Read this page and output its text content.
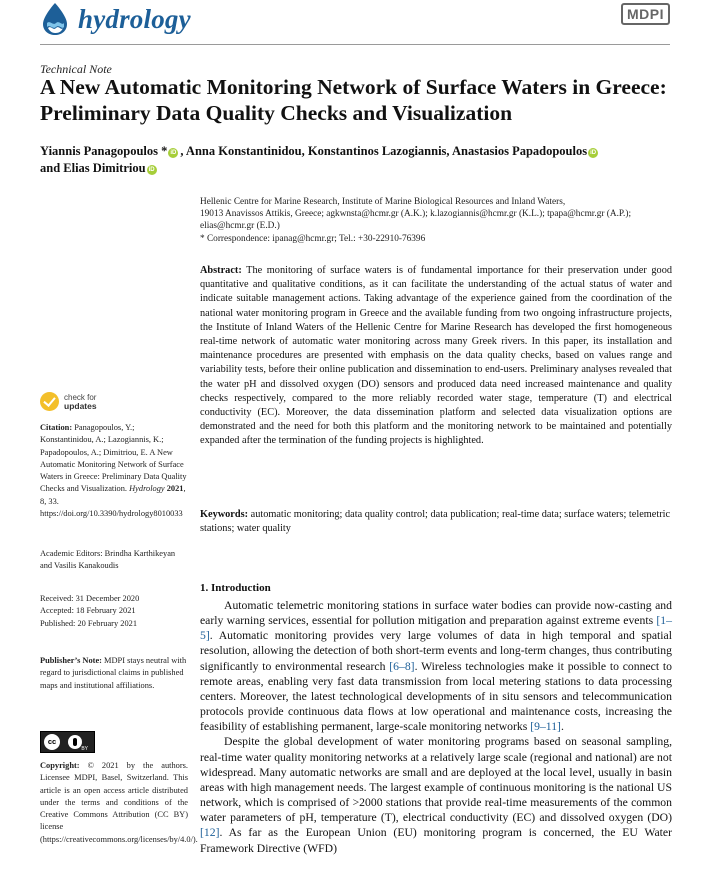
hydrology	MDPI
Technical Note
A New Automatic Monitoring Network of Surface Waters in Greece: Preliminary Data Quality Checks and Visualization
Yiannis Panagopoulos * iD , Anna Konstantinidou, Konstantinos Lazogiannis, Anastasios Papadopoulos iD
and Elias Dimitriou iD

Hellenic Centre for Marine Research, Institute of Marine Biological Resources and Inland Waters,

19013 Anavissos Attikis, Greece; agkwnsta@hcmr.gr (A.K.); k.lazogiannis@hcmr.gr (K.L.); tpapa@hcmr.gr (A.P.);

elias@hcmr.gr (E.D.)

* Correspondence: ipanag@hcmr.gr; Tel.: +30-22910-76396

Abstract: The monitoring of surface waters is of fundamental importance for their preservation under good quantitative and qualitative conditions, as it can facilitate the understanding of the actual status of water and indicate suitable management actions. Taking advantage of the experience gained from the coordination of the national water monitoring program in Greece and the available funding from two ongoing infrastructure projects, the Institute of Inland Waters of the Hellenic Centre for Marine Research has developed the first homogeneous real-time network of automatic water monitoring across many Greek rivers. In this paper, its installation and maintenance procedures are presented with emphasis on the data quality checks, based on values range and variability tests, before their online publication and dissemination to end-users. Preliminary analyses revealed that the water pH and dissolved oxygen (DO) sensors and produced data need increased maintenance and quality checks respectively, compared to the more reliably recorded water stage, temperature (T) and electrical conductivity (EC). Moreover, the data dissemination platform and selected data visualization options are demonstrated and the need for both this platform and the monitoring network to be maintained and potentially expanded after the termination of the funding projects is highlighted.
Keywords: automatic monitoring; data quality control; data publication; real-time data; surface waters; telemetric stations; water quality
check for
updates
Citation: Panagopoulos, Y.; Konstantinidou, A.; Lazogiannis, K.; Papadopoulos, A.; Dimitriou, E. A New Automatic Monitoring Network of Surface Waters in Greece: Preliminary Data Quality Checks and Visualization. Hydrology 2021, 8, 33. https://doi.org/10.3390/hydrology8010033
Academic Editors: Brindha Karthikeyan and Vasilis Kanakoudis
Received: 31 December 2020
Accepted: 18 February 2021
Published: 20 February 2021
Publisher’s Note: MDPI stays neutral with regard to jurisdictional claims in published maps and institutional affiliations.
cc
BY
Copyright: © 2021 by the authors. Licensee MDPI, Basel, Switzerland. This article is an open access article distributed under the terms and conditions of the Creative Commons Attribution (CC BY) license (https://creativecommons.org/licenses/by/4.0/).
1. Introduction

Automatic telemetric monitoring stations in surface water bodies can provide now-casting and early warning services, essential for pollution mitigation and preparation against extreme events [1–5]. Automatic monitoring provides very large volumes of data in high temporal and spatial resolution, allowing the detection of both short-term events and long-term changes, thus contributing significantly to environmental research [6–8]. Wireless technologies make it possible to connect to remote areas, enabling very fast data transmission from local metering stations to data processing centers. Moreover, the latest technological developments of in situ sensors and telecommunication protocols provide continuous data flows at low operational and maintenance costs, increasing the feasibility of establishing permanent, large-scale monitoring networks [9–11].

Despite the global development of water monitoring programs based on seasonal sampling, real-time water quality monitoring networks at a relatively large scale (regional and national) are not widespread. Many automatic networks are small and are deployed at the local level, usually in basin areas with high management needs. The largest example of continuous monitoring is the national US network, which is comprised of >2000 stations that provide real-time measurements of the common water parameters of pH, temperature (T), electrical conductivity (EC) and dissolved oxygen (DO) [12]. As far as the European Union (EU) monitoring program is concerned, the EU Water Framework Directive (WFD)
